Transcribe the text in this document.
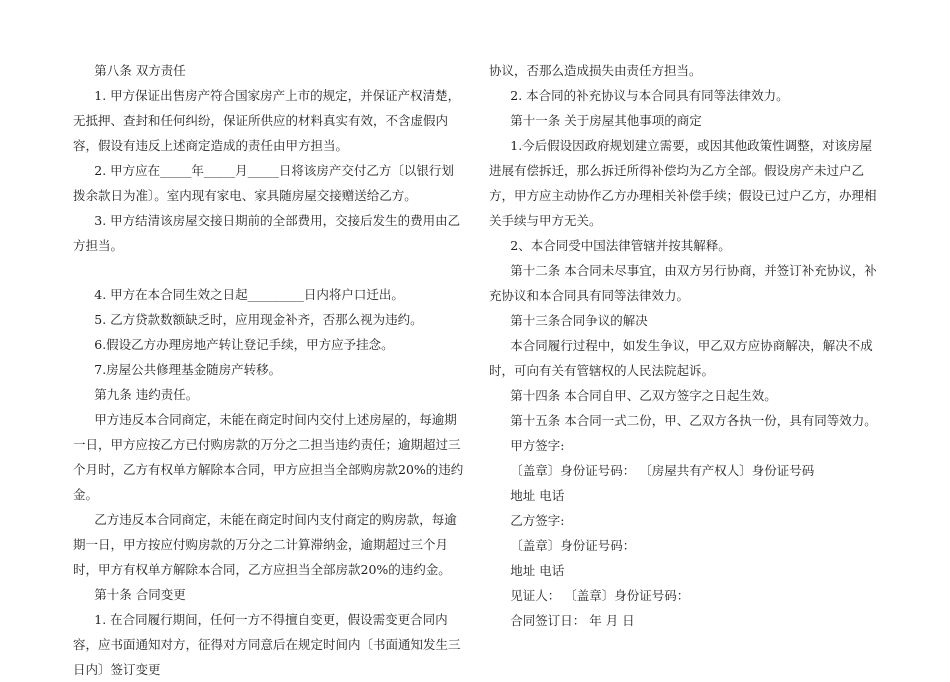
第八条 双方责任

1. 甲方保证出售房产符合国家房产上市的规定，并保证产权清楚，无抵押、查封和任何纠纷，保证所供应的材料真实有效，不含虚假内容，假设有违反上述商定造成的责任由甲方担当。

2. 甲方应在_____年_____月_____日将该房产交付乙方〔以银行划拨余款日为准〕。室内现有家电、家具随房屋交接赠送给乙方。

3. 甲方结清该房屋交接日期前的全部费用，交接后发生的费用由乙方担当。

4. 甲方在本合同生效之日起_________日内将户口迁出。

5. 乙方贷款数额缺乏时，应用现金补齐，否那么视为违约。

6.假设乙方办理房地产转让登记手续，甲方应予挂念。

7.房屋公共修理基金随房产转移。

第九条 违约责任。

甲方违反本合同商定，未能在商定时间内交付上述房屋的，每逾期一日，甲方应按乙方已付购房款的万分之二担当违约责任；逾期超过三个月时，乙方有权单方解除本合同，甲方应担当全部购房款20%的违约金。

乙方违反本合同商定，未能在商定时间内支付商定的购房款，每逾期一日，甲方按应付购房款的万分之二计算滞纳金，逾期超过三个月时，甲方有权单方解除本合同，乙方应担当全部房款20%的违约金。

第十条 合同变更

1. 在合同履行期间，任何一方不得擅自变更，假设需变更合同内容，应书面通知对方，征得对方同意后在规定时间内〔书面通知发生三日内〕签订变更

协议，否那么造成损失由责任方担当。

2. 本合同的补充协议与本合同具有同等法律效力。

第十一条 关于房屋其他事项的商定

1.今后假设因政府规划建立需要，或因其他政策性调整，对该房屋进展有偿拆迁，那么拆迁所得补偿均为乙方全部。假设房产未过户乙方，甲方应主动协作乙方办理相关补偿手续；假设已过户乙方，办理相关手续与甲方无关。

2、本合同受中国法律管辖并按其解释。

第十二条 本合同未尽事宜，由双方另行协商，并签订补充协议，补充协议和本合同具有同等法律效力。

第十三条合同争议的解决

本合同履行过程中，如发生争议，甲乙双方应协商解决，解决不成时，可向有关有管辖权的人民法院起诉。

第十四条 本合同自甲、乙双方签字之日起生效。

第十五条 本合同一式二份，甲、乙双方各执一份，具有同等效力。

甲方签字:

〔盖章〕身份证号码： 〔房屋共有产权人〕身份证号码

地址 电话

乙方签字:

〔盖章〕身份证号码：

地址 电话

见证人： 〔盖章〕身份证号码：

合同签订日： 年 月 日
